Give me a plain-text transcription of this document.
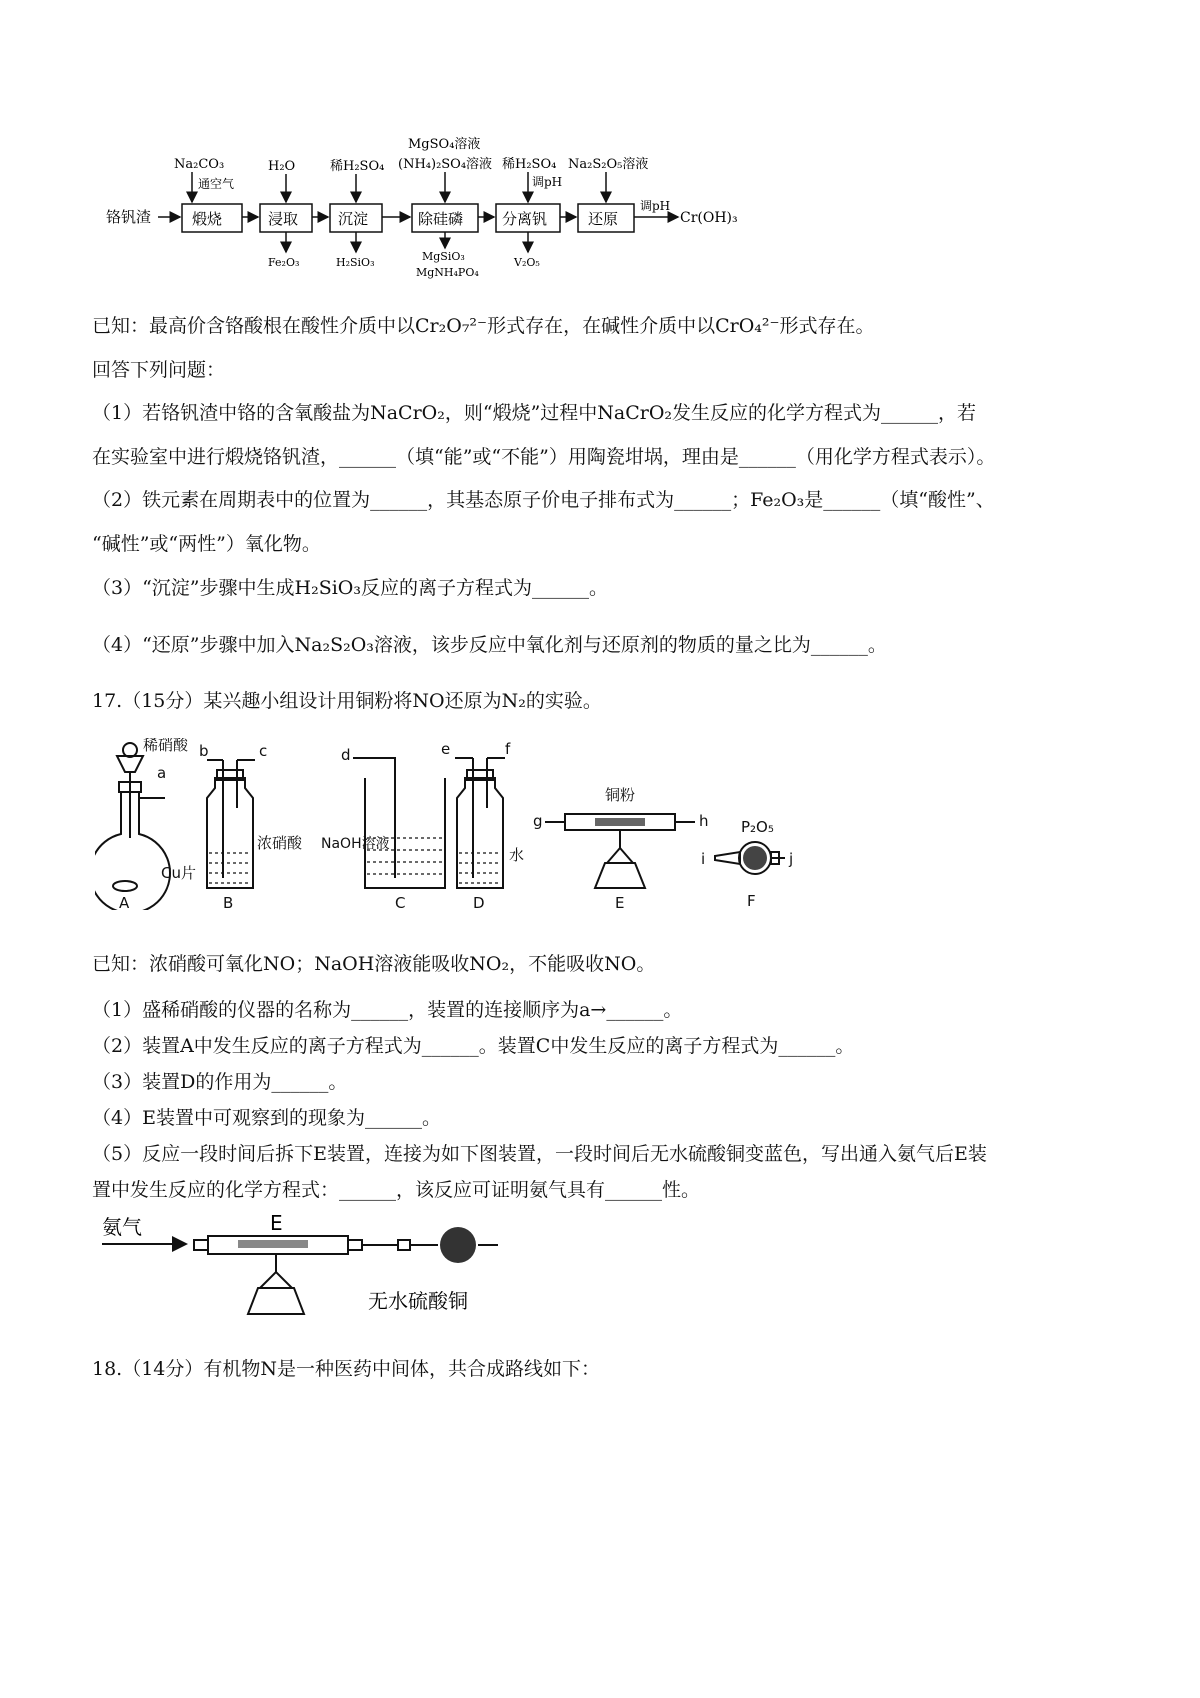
铬钒渣	煅烧	浸取	沉淀	除硅磷	分离钒	还原
调pH
Cr(OH)₃
Na₂CO₃
通空气
H₂O	稀H₂SO₄
MgSO₄溶液
(NH₄)₂SO₄溶液 稀H₂SO₄
调pH
Na₂S₂O₅溶液
Fe₂O₃	H₂SiO₃	MgSiO₃
MgNH₄PO₄
V₂O₅
已知：最高价含铬酸根在酸性介质中以Cr₂O₇²⁻形式存在，在碱性介质中以CrO₄²⁻形式存在。
回答下列问题：
（1）若铬钒渣中铬的含氧酸盐为NaCrO₂，则“煅烧”过程中NaCrO₂发生反应的化学方程式为______，若
在实验室中进行煅烧铬钒渣，______（填“能”或“不能”）用陶瓷坩埚，理由是______（用化学方程式表示）。
（2）铁元素在周期表中的位置为______，其基态原子价电子排布式为______；Fe₂O₃是______（填“酸性”、
“碱性”或“两性”）氧化物。
（3）“沉淀”步骤中生成H₂SiO₃反应的离子方程式为______。
（4）“还原”步骤中加入Na₂S₂O₃溶液，该步反应中氧化剂与还原剂的物质的量之比为______。
17.（15分）某兴趣小组设计用铜粉将NO还原为N₂的实验。
稀硝酸
a
Cu片
A
b	c
浓硝酸
B
d
NaOH溶液
C
e	f
水
D
g	h
铜粉
E
P₂O₅
i	j
F
已知：浓硝酸可氧化NO；NaOH溶液能吸收NO₂，不能吸收NO。
（1）盛稀硝酸的仪器的名称为______，装置的连接顺序为a→______。
（2）装置A中发生反应的离子方程式为______。装置C中发生反应的离子方程式为______。
（3）装置D的作用为______。
（4）E装置中可观察到的现象为______。
（5）反应一段时间后拆下E装置，连接为如下图装置，一段时间后无水硫酸铜变蓝色，写出通入氨气后E装
置中发生反应的化学方程式：______，该反应可证明氨气具有______性。
氨气	E
无水硫酸铜
18.（14分）有机物N是一种医药中间体，共合成路线如下：
